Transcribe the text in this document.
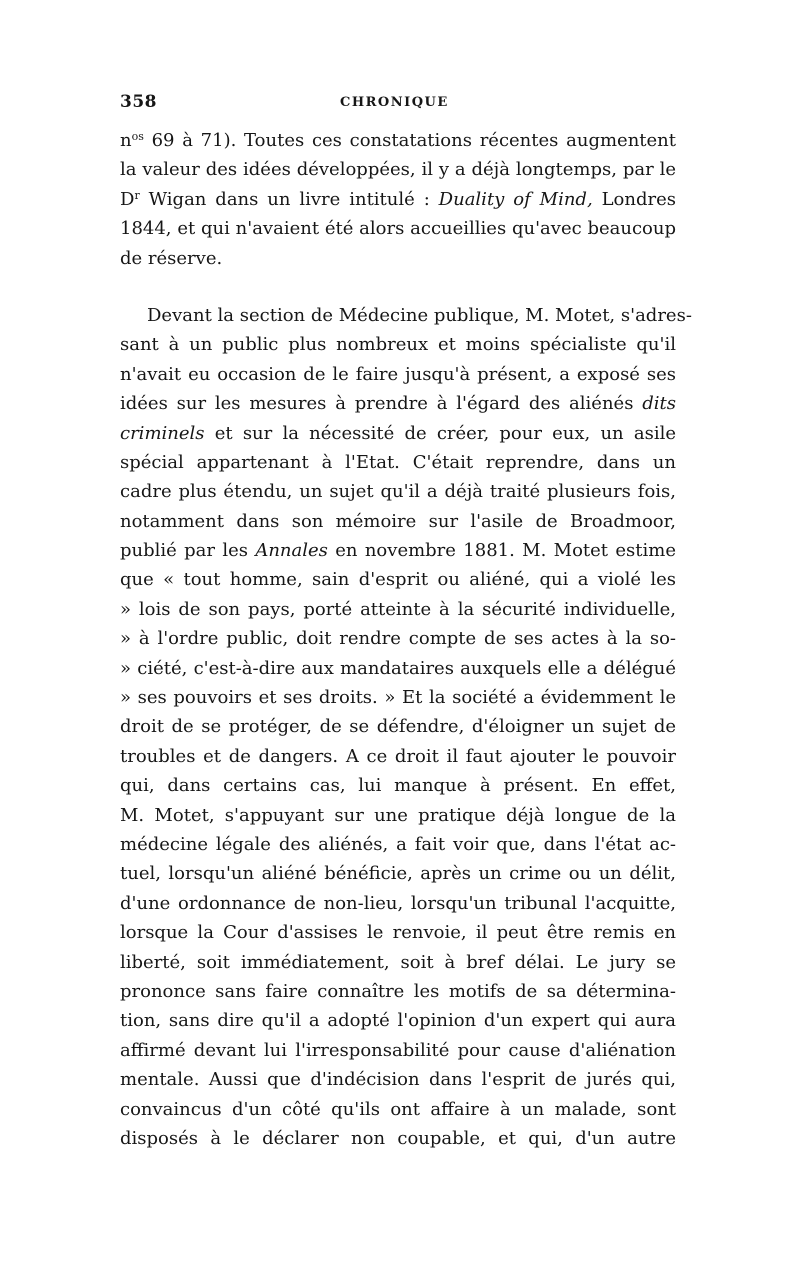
358	CHRONIQUE
$n^{os}$ 69 à 71). Toutes ces constatations récentes augmentent
la valeur des idées développées, il y a déjà longtemps, par le
$D^r$ Wigan dans un livre intitulé : Duality of Mind, Londres
1844, et qui n'avaient été alors accueillies qu'avec beaucoup
de réserve.
Devant la section de Médecine publique, M. Motet, s'adres-
sant à un public plus nombreux et moins spécialiste qu'il
n'avait eu occasion de le faire jusqu'à présent, a exposé ses
idées sur les mesures à prendre à l'égard des aliénés dits
criminels et sur la nécessité de créer, pour eux, un asile
spécial appartenant à l'Etat. C'était reprendre, dans un
cadre plus étendu, un sujet qu'il a déjà traité plusieurs fois,
notamment dans son mémoire sur l'asile de Broadmoor,
publié par les Annales en novembre 1881. M. Motet estime
que « tout homme, sain d'esprit ou aliéné, qui a violé les
» lois de son pays, porté atteinte à la sécurité individuelle,
» à l'ordre public, doit rendre compte de ses actes à la so-
» ciété, c'est-à-dire aux mandataires auxquels elle a délégué
» ses pouvoirs et ses droits. » Et la société a évidemment le
droit de se protéger, de se défendre, d'éloigner un sujet de
troubles et de dangers. A ce droit il faut ajouter le pouvoir
qui, dans certains cas, lui manque à présent. En effet,
M. Motet, s'appuyant sur une pratique déjà longue de la
médecine légale des aliénés, a fait voir que, dans l'état ac-
tuel, lorsqu'un aliéné bénéficie, après un crime ou un délit,
d'une ordonnance de non-lieu, lorsqu'un tribunal l'acquitte,
lorsque la Cour d'assises le renvoie, il peut être remis en
liberté, soit immédiatement, soit à bref délai. Le jury se
prononce sans faire connaître les motifs de sa détermina-
tion, sans dire qu'il a adopté l'opinion d'un expert qui aura
affirmé devant lui l'irresponsabilité pour cause d'aliénation
mentale. Aussi que d'indécision dans l'esprit de jurés qui,
convaincus d'un côté qu'ils ont affaire à un malade, sont
disposés à le déclarer non coupable, et qui, d'un autre
